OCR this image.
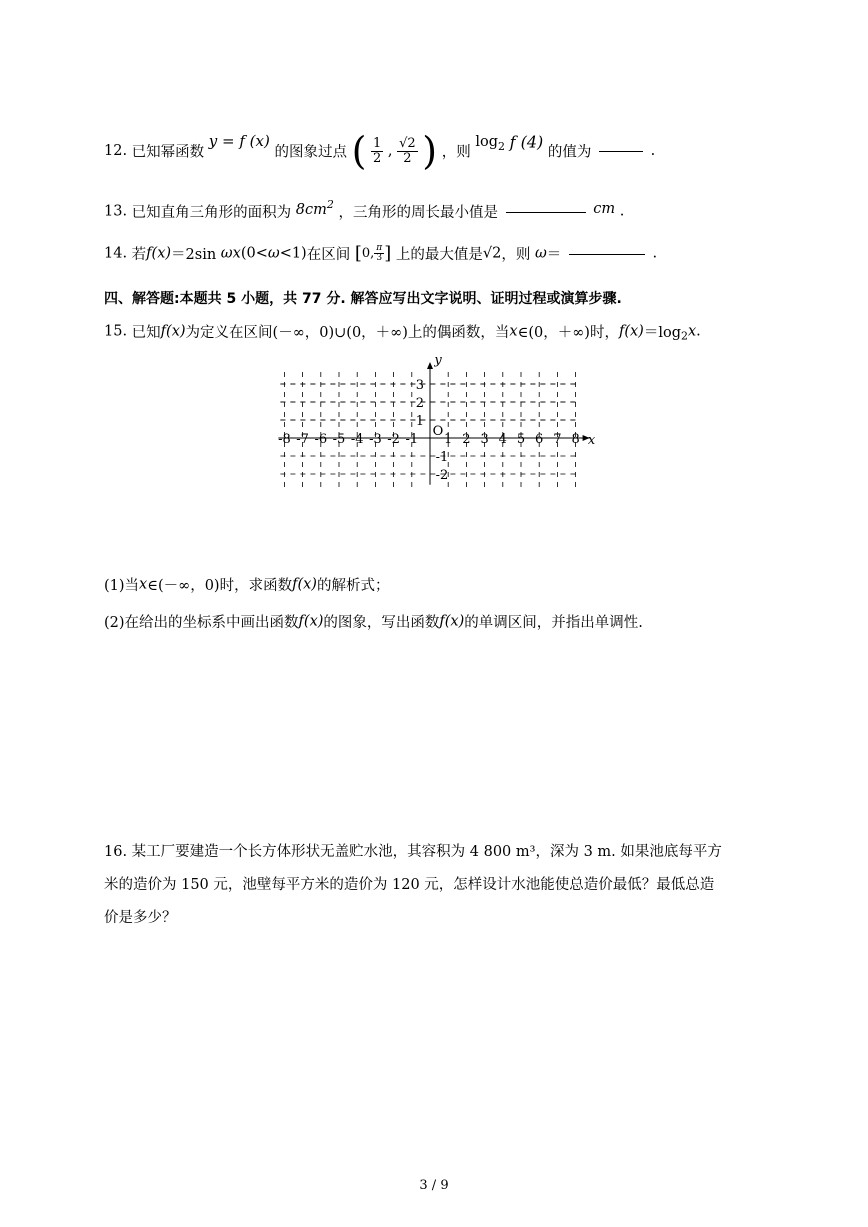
12. 已知幂函数 y = f (x) 的图象过点 ( $\frac{1}{2}$ , $\frac{√2}{2}$ ) ，则 $\log_2 f$ (4) 的值为	.
13. 已知直角三角形的面积为 $8cm^2$ ，三角形的周长最小值是	cm .
14. 若f(x)＝2sin ωx(0<ω<1)在区间 [0, $\frac{\pi}{3}$ ] 上的最大值是√2，则 ω＝	.
四、解答题:本题共 5 小题，共 77 分. 解答应写出文字说明、证明过程或演算步骤.
15. 已知f(x)为定义在区间(－∞，0)∪(0，＋∞)上的偶函数，当x∈(0，＋∞)时，$f(x)=\log_2x$.
-8 -7 -6 -5 -4 -3 -2 -1 1 2 3 4 5 6 7 8
1
2
3
-1
-2
O
x
y
(1)当x∈(－∞，0)时，求函数f(x)的解析式；
(2)在给出的坐标系中画出函数f(x)的图象，写出函数f(x)的单调区间，并指出单调性.
16. 某工厂要建造一个长方体形状无盖贮水池，其容积为 4 800 m³，深为 3 m. 如果池底每平方
米的造价为 150 元，池壁每平方米的造价为 120 元，怎样设计水池能使总造价最低？最低总造
价是多少？
3 / 9
